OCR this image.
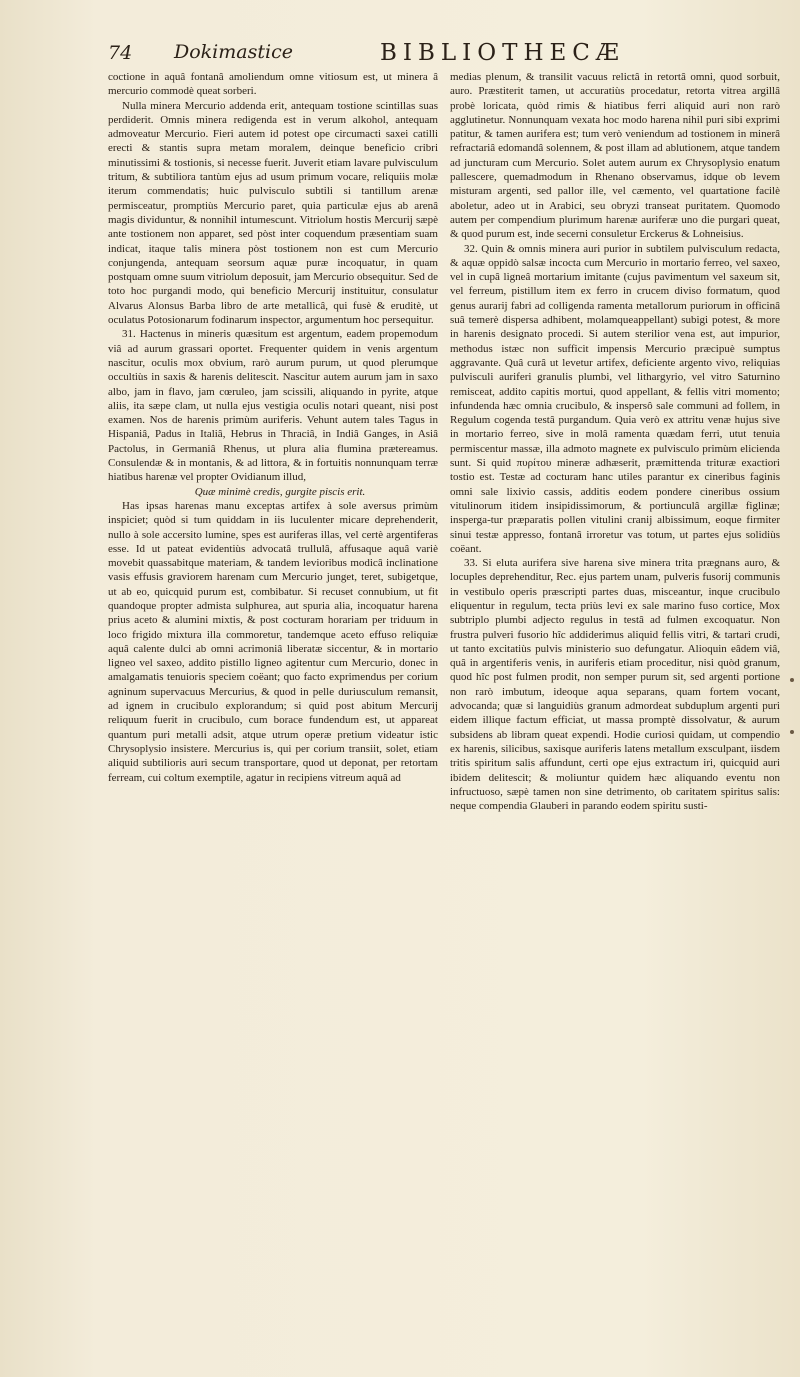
74 Dokimastice	BIBLIOTHECÆ

coctione in aquâ fontanâ amoliendum omne vitiosum est, ut minera â mercurio commodè queat sorberi.

Nulla minera Mercurio addenda erit, antequam tostione scintillas suas perdiderit. Omnis minera redigenda est in verum alkohol, antequam admoveatur Mercurio. Fieri autem id potest ope circumacti saxei catilli erecti & stantis supra metam moralem, deinque beneficio cribri minutissimi & tostionis, si necesse fuerit. Juverit etiam lavare pulvisculum tritum, & subtiliora tantùm ejus ad usum primum vocare, reliquiis molæ iterum commendatis; huic pulvisculo subtili si tantillum arenæ permisceatur, promptiùs Mercurio paret, quia particulæ ejus ab arenâ magis dividuntur, & nonnihil intumescunt. Vitriolum hostis Mercurij sæpè ante tostionem non apparet, sed pòst inter coquendum præsentiam suam indicat, itaque talis minera pòst tostionem non est cum Mercurio conjungenda, antequam seorsum aquæ puræ incoquatur, in quam postquam omne suum vitriolum deposuit, jam Mercurio obsequitur. Sed de toto hoc purgandi modo, qui beneficio Mercurij instituitur, consulatur Alvarus Alonsus Barba libro de arte metallicâ, qui fusè & eruditè, ut oculatus Potosionarum fodinarum inspector, argumentum hoc persequitur.

31. Hactenus in mineris quæsitum est argentum, eadem propemodum viâ ad aurum grassari oportet. Frequenter quidem in venis argentum nascitur, oculis mox obvium, rarò aurum purum, ut quod plerumque occultiùs in saxis & harenis delitescit. Nascitur autem aurum jam in saxo albo, jam in flavo, jam cœruleo, jam scissili, aliquando in pyrite, atque aliis, ita sæpe clam, ut nulla ejus vestigia oculis notari queant, nisi post examen. Nos de harenis primùm auriferis. Vehunt autem tales Tagus in Hispaniâ, Padus in Italiâ, Hebrus in Thraciâ, in Indiâ Ganges, in Asiâ Pactolus, in Germaniâ Rhenus, ut plura alia flumina prætereamus. Consulendæ & in montanis, & ad littora, & in fortuitis nonnunquam terræ hiatibus harenæ vel propter Ovidianum illud,

Quæ minimè credis, gurgite piscis erit.

Has ipsas harenas manu exceptas artifex à sole aversus primùm inspiciet; quòd si tum quiddam in iis luculenter micare deprehenderit, nullo à sole accersito lumine, spes est auriferas illas, vel certè argentiferas esse. Id ut pateat evidentiùs advocatâ trullulâ, affusaque aquâ variè movebit quassabitque materiam, & tandem levioribus modicâ inclinatione vasis effusis graviorem harenam cum Mercurio junget, teret, subigetque, ut ab eo, quicquid purum est, combibatur. Si recuset connubium, ut fit quandoque propter admista sulphurea, aut spuria alia, incoquatur harena prius aceto & alumini mixtis, & post cocturam horariam per triduum in loco frigido mixtura illa commoretur, tandemque aceto effuso reliquiæ aquâ calente dulci ab omni acrimoniâ liberatæ siccentur, & in mortario ligneo vel saxeo, addito pistillo ligneo agitentur cum Mercurio, donec in amalgamatis tenuioris speciem coëant; quo facto exprimendus per corium agninum supervacuus Mercurius, & quod in pelle duriusculum remansit, ad ignem in crucibulo explorandum; si quid post abitum Mercurij reliquum fuerit in crucibulo, cum borace fundendum est, ut appareat quantum puri metalli adsit, atque utrum operæ pretium videatur istic Chrysoplysio insistere. Mercurius is, qui per corium transiit, solet, etiam aliquid subtilioris auri secum transportare, quod ut deponat, per retortam ferream, cui coltum exemptile, agatur in recipiens vitreum aquâ ad

medias plenum, & transilit vacuus relictâ in retortâ omni, quod sorbuit, auro. Præstiterit tamen, ut accuratiùs procedatur, retorta vitrea argillâ probè loricata, quòd rimis & hiatibus ferri aliquid auri non rarò agglutinetur. Nonnunquam vexata hoc modo harena nihil puri sibi exprimi patitur, & tamen aurifera est; tum verò veniendum ad tostionem in minerâ refractariâ edomandâ solennem, & post illam ad ablutionem, atque tandem ad juncturam cum Mercurio. Solet autem aurum ex Chrysoplysio enatum pallescere, quemadmodum in Rhenano observamus, idque ob levem misturam argenti, sed pallor ille, vel cæmento, vel quartatione facilè aboletur, adeo ut in Arabici, seu obryzi transeat puritatem. Quomodo autem per compendium plurimum harenæ auriferæ uno die purgari queat, & quod purum est, inde secerni consuletur Erckerus & Lohneisius.

32. Quin & omnis minera auri purior in subtilem pulvisculum redacta, & aquæ oppidò salsæ incocta cum Mercurio in mortario ferreo, vel saxeo, vel in cupâ ligneâ mortarium imitante (cujus pavimentum vel saxeum sit, vel ferreum, pistillum item ex ferro in crucem diviso formatum, quod genus aurarij fabri ad colligenda ramenta metallorum puriorum in officinâ suâ temerè dispersa adhibent, molamqueappellant) subigi potest, & more in harenis designato procedi. Si autem sterilior vena est, aut impurior, methodus istæc non sufficit impensis Mercurio præcipuè sumptus aggravante. Quâ curâ ut levetur artifex, deficiente argento vivo, reliquias pulvisculi auriferi granulis plumbi, vel lithargyrio, vel vitro Saturnino remisceat, addito capitis mortui, quod appellant, & fellis vitri momento; infundenda hæc omnia crucibulo, & inspersô sale communi ad follem, in Regulum cogenda testâ purgandum. Quia verò ex attritu venæ hujus sive in mortario ferreo, sive in molâ ramenta quædam ferri, utut tenuia permiscentur massæ, illa admoto magnete ex pulvisculo primùm elicienda sunt. Si quid πυρίτου mineræ adhæserit, præmittenda trituræ exactiori tostio est. Testæ ad cocturam hanc utiles parantur ex cineribus faginis omni sale lixivio cassis, additis eodem pondere cineribus ossium vitulinorum itidem insipidissimorum, & portiunculâ argillæ figlinæ; insperga-tur præparatis pollen vitulini cranij albissimum, eoque firmiter sinui testæ appresso, fontanâ irroretur vas totum, ut partes ejus solidiùs coëant.

33. Si eluta aurifera sive harena sive minera trita prægnans auro, & locuples deprehenditur, Rec. ejus partem unam, pulveris fusorij communis in vestibulo operis præscripti partes duas, misceantur, inque crucibulo eliquentur in regulum, tecta priùs levi ex sale marino fuso cortice, Mox subtriplo plumbi adjecto regulus in testâ ad fulmen excoquatur. Non frustra pulveri fusorio hîc addiderimus aliquid fellis vitri, & tartari crudi, ut tanto excitatiùs pulvis ministerio suo defungatur. Alioquin eâdem viâ, quâ in argentiferis venis, in auriferis etiam proceditur, nisi quòd granum, quod hîc post fulmen prodit, non semper purum sit, sed argenti portione non rarò imbutum, ideoque aqua separans, quam fortem vocant, advocanda; quæ si languidiùs granum admordeat subduplum argenti puri eidem illique factum efficiat, ut massa promptè dissolvatur, & aurum subsidens ab libram queat expendi. Hodie curiosi quidam, ut compendio ex harenis, silicibus, saxisque auriferis latens metallum exsculpant, iisdem tritis spiritum salis affundunt, certi ope ejus extractum iri, quicquid auri ibidem delitescit; & moliuntur quidem hæc aliquando eventu non infructuoso, sæpè tamen non sine detrimento, ob caritatem spiritus salis: neque compendia Glauberi in parando eodem spiritu susti-
